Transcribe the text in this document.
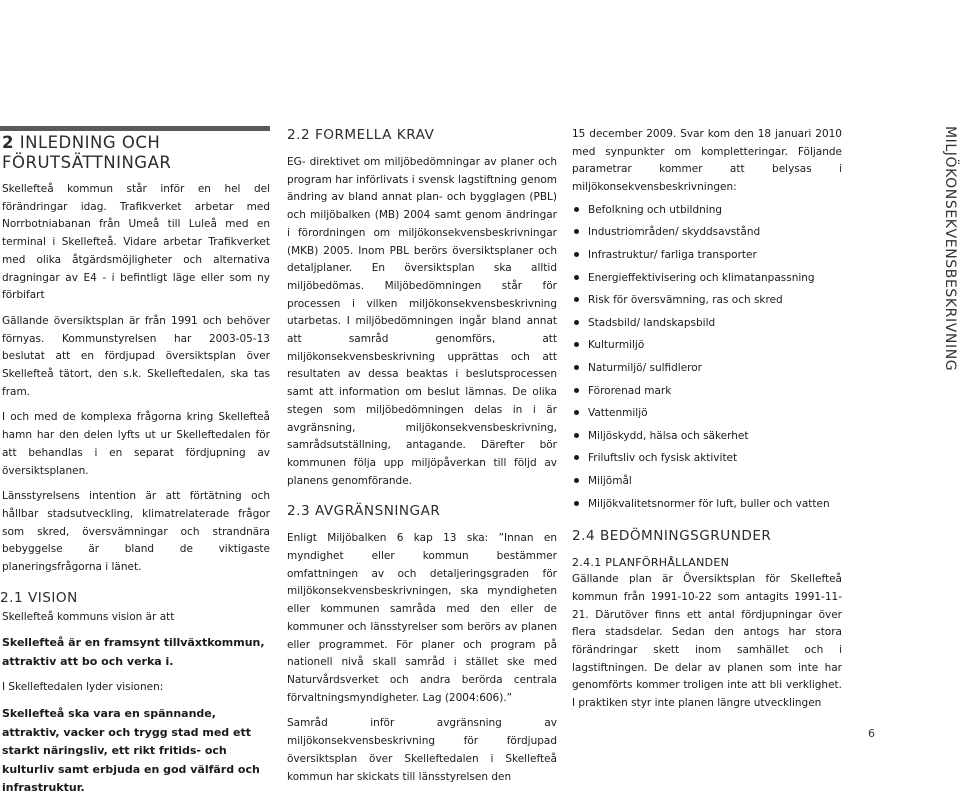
2 INLEDNING OCH
FÖRUTSÄTTNINGAR

Skellefteå kommun står inför en hel del förändringar idag. Trafikverket arbetar med Norrbotniabanan från Umeå till Luleå med en terminal i Skellefteå. Vidare arbetar Trafikverket med olika åtgärdsmöjligheter och alternativa dragningar av E4 - i befintligt läge eller som ny förbifart

Gällande översiktsplan är från 1991 och behöver förnyas. Kommunstyrelsen har 2003-05-13 beslutat att en fördjupad översiktsplan över Skellefteå tätort, den s.k. Skelleftedalen, ska tas fram.

I och med de komplexa frågorna kring Skellefteå hamn har den delen lyfts ut ur Skelleftedalen för att behandlas i en separat fördjupning av översiktsplanen.

Länsstyrelsens intention är att förtätning och hållbar stadsutveckling, klimatrelaterade frågor som skred, översvämningar och strandnära bebyggelse är bland de viktigaste planeringsfrågorna i länet.

2.1 VISION

Skellefteå kommuns vision är att

Skellefteå är en framsynt tillväxtkommun, attraktiv att bo och verka i.

I Skelleftedalen lyder visionen:

Skellefteå ska vara en spännande, attraktiv, vacker och trygg stad med ett starkt näringsliv, ett rikt fritids- och kulturliv samt erbjuda en god välfärd och infrastruktur.

2.2 FORMELLA KRAV

EG- direktivet om miljöbedömningar av planer och program har införlivats i svensk lagstiftning genom ändring av bland annat plan- och bygglagen (PBL) och miljöbalken (MB) 2004 samt genom ändringar i förordningen om miljökonsekvensbeskrivningar (MKB) 2005. Inom PBL berörs översiktsplaner och detaljplaner. En översiktsplan ska alltid miljöbedömas. Miljöbedömningen står för processen i vilken miljökonsekvensbeskrivning utarbetas. I miljöbedömningen ingår bland annat att samråd genomförs, att miljökonsekvensbeskrivning upprättas och att resultaten av dessa beaktas i beslutsprocessen samt att information om beslut lämnas. De olika stegen som miljöbedömningen delas in i är avgränsning, miljökonsekvensbeskrivning, samrådsutställning, antagande. Därefter bör kommunen följa upp miljöpåverkan till följd av planens genomförande.

2.3 AVGRÄNSNINGAR

Enligt Miljöbalken 6 kap 13 ska: ”Innan en myndighet eller kommun bestämmer omfattningen av och detaljeringsgraden för miljökonsekvensbeskrivningen, ska myndigheten eller kommunen samråda med den eller de kommuner och länsstyrelser som berörs av planen eller programmet. För planer och program på nationell nivå skall samråd i stället ske med Naturvårdsverket och andra berörda centrala förvaltningsmyndigheter. Lag (2004:606).”

Samråd inför avgränsning av miljökonsekvensbeskrivning för fördjupad översiktsplan över Skelleftedalen i Skellefteå kommun har skickats till länsstyrelsen den

15 december 2009. Svar kom den 18 januari 2010 med synpunkter om kompletteringar. Följande parametrar kommer att belysas i miljökonsekvensbeskrivningen:

Befolkning och utbildning
Industriområden/ skyddsavstånd
Infrastruktur/ farliga transporter
Energieffektivisering och klimatanpassning
Risk för översvämning, ras och skred
Stadsbild/ landskapsbild
Kulturmiljö
Naturmiljö/ sulfidleror
Förorenad mark
Vattenmiljö
Miljöskydd, hälsa och säkerhet
Friluftsliv och fysisk aktivitet
Miljömål
Miljökvalitetsnormer för luft, buller och vatten
2.4 BEDÖMNINGSGRUNDER
2.4.1 PLANFÖRHÅLLANDEN

Gällande plan är Översiktsplan för Skellefteå kommun från 1991-10-22 som antagits 1991-11-21. Därutöver finns ett antal fördjupningar över flera stadsdelar. Sedan den antogs har stora förändringar skett inom samhället och i lagstiftningen. De delar av planen som inte har genomförts kommer troligen inte att bli verklighet. I praktiken styr inte planen längre utvecklingen

MILJÖKONSEKVENSBESKRIVNING
6
